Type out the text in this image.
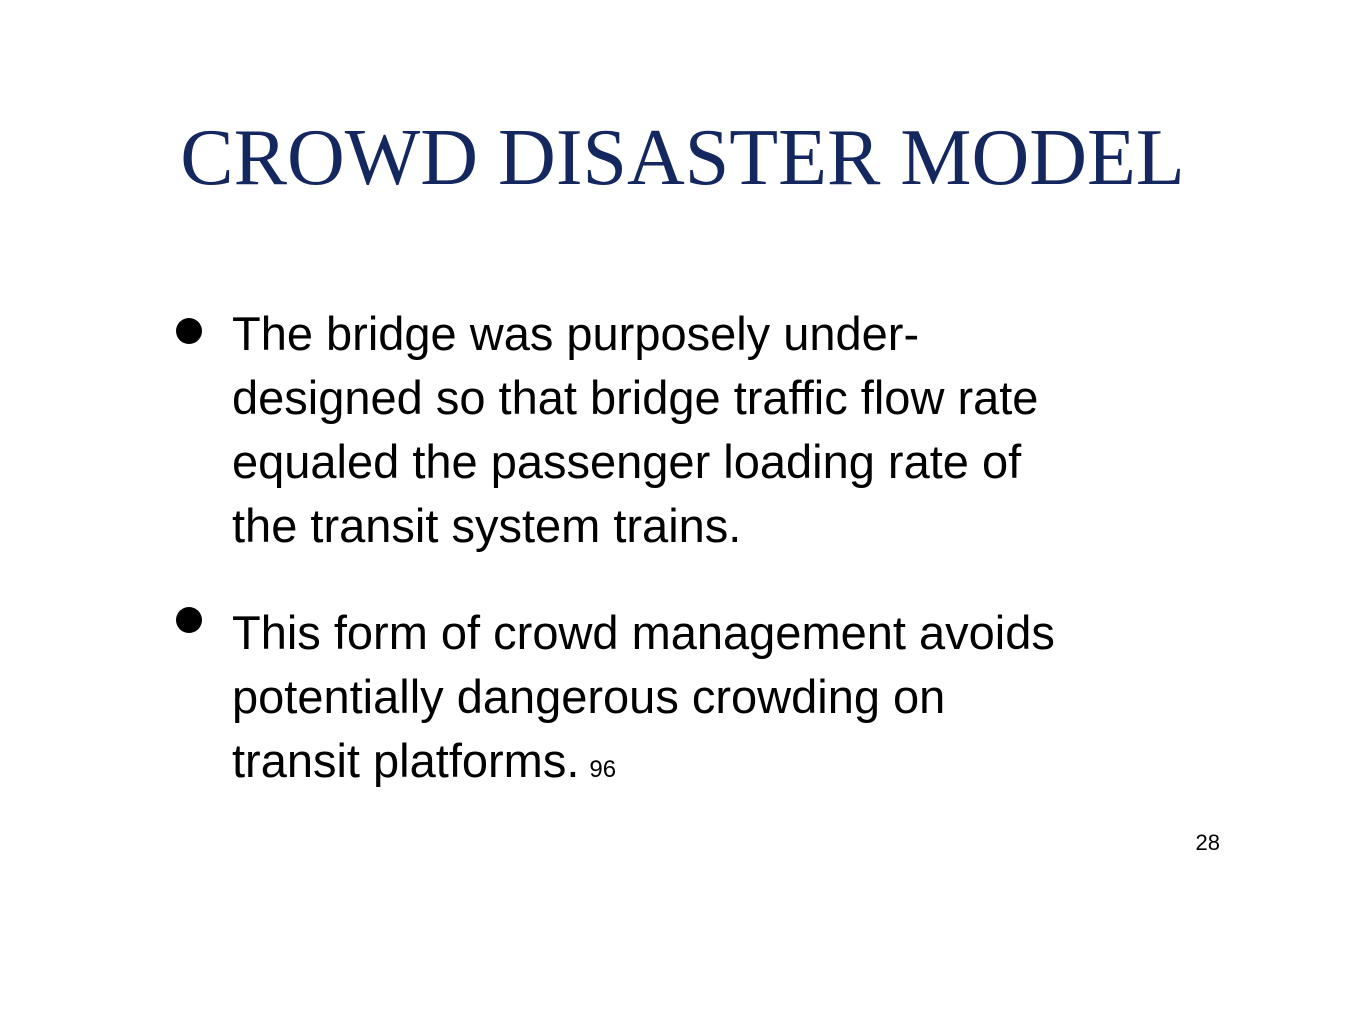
CROWD DISASTER MODEL
The bridge was purposely under-
designed so that bridge traffic flow rate
equaled the passenger loading rate of
the transit system trains.
This form of crowd management avoids
potentially dangerous crowding on
transit platforms. 96
28
